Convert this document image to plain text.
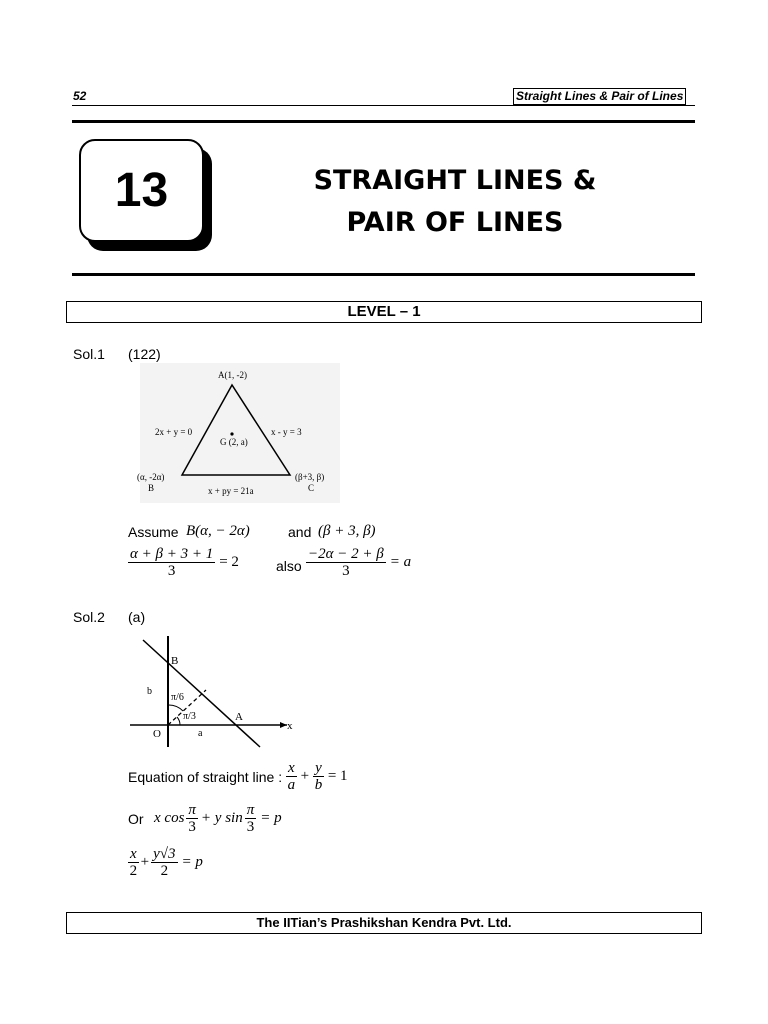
52	Straight Lines & Pair of Lines
13	STRAIGHT LINES &
PAIR OF LINES
LEVEL – 1
Sol.1 (122)
A(1, -2)
2x + y = 0	x - y = 3
G (2, a)
(α, -2α)
B
(β+3, β)
C
x + py = 21a
Assume B(α, − 2α)	and (β + 3, β)
$\frac{\alpha + \beta + 3 + 1}{3} = 2$	also $\frac{-2\alpha - 2 + \beta}{3} = a$
Sol.2 (a)
B
b
π/6
π/3	A
x
O	a
Equation of straight line : $\frac{x}{a} + \frac{y}{b} = 1$
Or x $\cos \frac{\pi}{3} + y$ $\sin \frac{\pi}{3} = p$
$\frac{x}{2} + \frac{y√3}{2} = p$
The IITian’s Prashikshan Kendra Pvt. Ltd.
